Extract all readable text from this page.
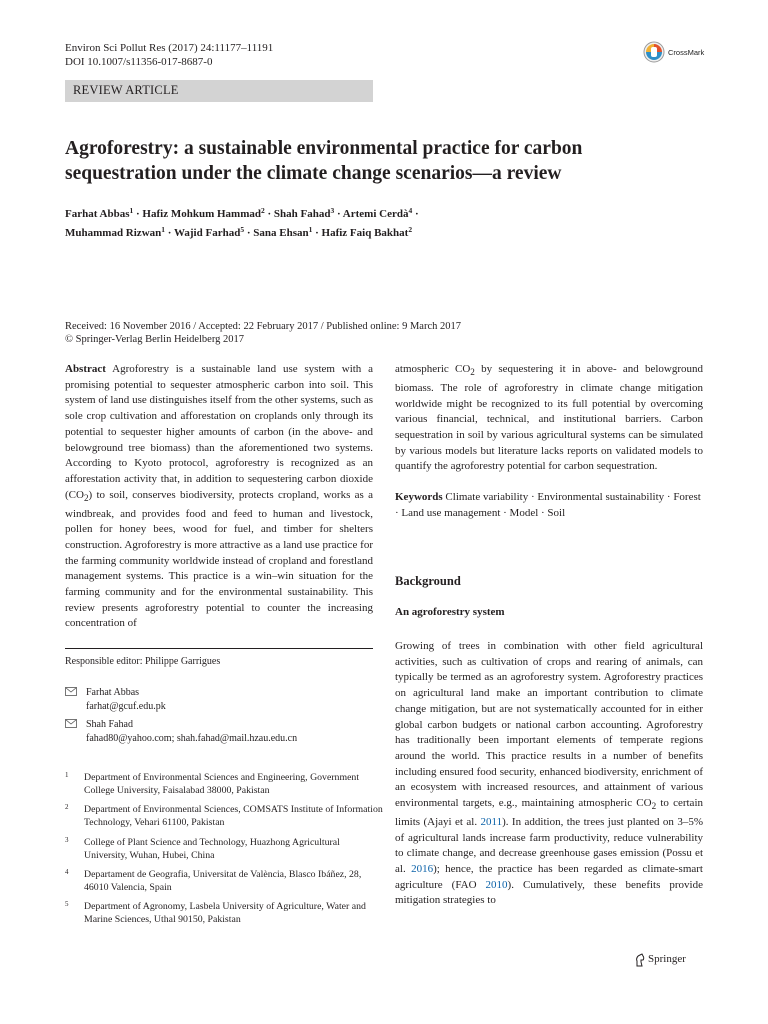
Environ Sci Pollut Res (2017) 24:11177–11191
DOI 10.1007/s11356-017-8687-0
CrossMark
REVIEW ARTICLE
Agroforestry: a sustainable environmental practice for carbon
sequestration under the climate change scenarios—a review
Farhat Abbas$^1$ · Hafiz Mohkum Hammad$^2$ · Shah Fahad$^3$ · Artemi Cerdà$^4$ ·
Muhammad Rizwan$^1$ · Wajid Farhad$^5$ · Sana Ehsan$^1$ · Hafiz Faiq Bakhat$^2$
Received: 16 November 2016 / Accepted: 22 February 2017 / Published online: 9 March 2017
© Springer-Verlag Berlin Heidelberg 2017
Abstract Agroforestry is a sustainable land use system with a promising potential to sequester atmospheric carbon into soil. This system of land use distinguishes itself from the other systems, such as sole crop cultivation and afforestation on croplands only through its potential to sequester higher amounts of carbon (in the above- and belowground tree biomass) than the aforementioned two systems. According to Kyoto protocol, agroforestry is recognized as an afforestation activity that, in addition to sequestering carbon dioxide $(CO_2)$ to soil, conserves biodiversity, protects cropland, works as a windbreak, and provides food and feed to human and livestock, pollen for honey bees, wood for fuel, and timber for shelters construction. Agroforestry is more attractive as a land use practice for the farming community worldwide instead of cropland and forestland management systems. This practice is a win–win situation for the farming community and for the environmental sustainability. This review presents agroforestry potential to counter the increasing concentration of
atmospheric $CO_2$ by sequestering it in above- and belowground biomass. The role of agroforestry in climate change mitigation worldwide might be recognized to its full potential by overcoming various financial, technical, and institutional barriers. Carbon sequestration in soil by various agricultural systems can be simulated by various models but literature lacks reports on validated models to quantify the agroforestry potential for carbon sequestration.
Keywords Climate variability · Environmental sustainability · Forest · Land use management · Model · Soil
Background
An agroforestry system
Growing of trees in combination with other field agricultural activities, such as cultivation of crops and rearing of animals, can typically be termed as an agroforestry system. Agroforestry practices on agricultural land make an important contribution to climate change mitigation, but are not systematically accounted for in either global carbon budgets or national carbon accounting. Agroforestry has traditionally been important elements of temperate regions around the world. This practice results in a number of benefits including ensured food security, enhanced biodiversity, enrichment of an ecosystem with increased resources, and attainment of various environmental targets, e.g., maintaining atmospheric $CO_2$ to certain limits (Ajayi et al. 2011). In addition, the trees just planted on 3–5% of agricultural lands increase farm productivity, reduce vulnerability to climate change, and decrease greenhouse gases emission (Possu et al. 2016); hence, the practice has been regarded as climate-smart agriculture (FAO 2010). Cumulatively, these benefits provide mitigation strategies to
Responsible editor: Philippe Garrigues
Farhat Abbas
farhat@gcuf.edu.pk
Shah Fahad
fahad80@yahoo.com; shah.fahad@mail.hzau.edu.cn
1 Department of Environmental Sciences and Engineering, Government College University, Faisalabad 38000, Pakistan
2 Department of Environmental Sciences, COMSATS Institute of Information Technology, Vehari 61100, Pakistan
3 College of Plant Science and Technology, Huazhong Agricultural University, Wuhan, Hubei, China
4 Departament de Geografia, Universitat de València, Blasco Ibáñez, 28, 46010 Valencia, Spain
5 Department of Agronomy, Lasbela University of Agriculture, Water and Marine Sciences, Uthal 90150, Pakistan
Springer
